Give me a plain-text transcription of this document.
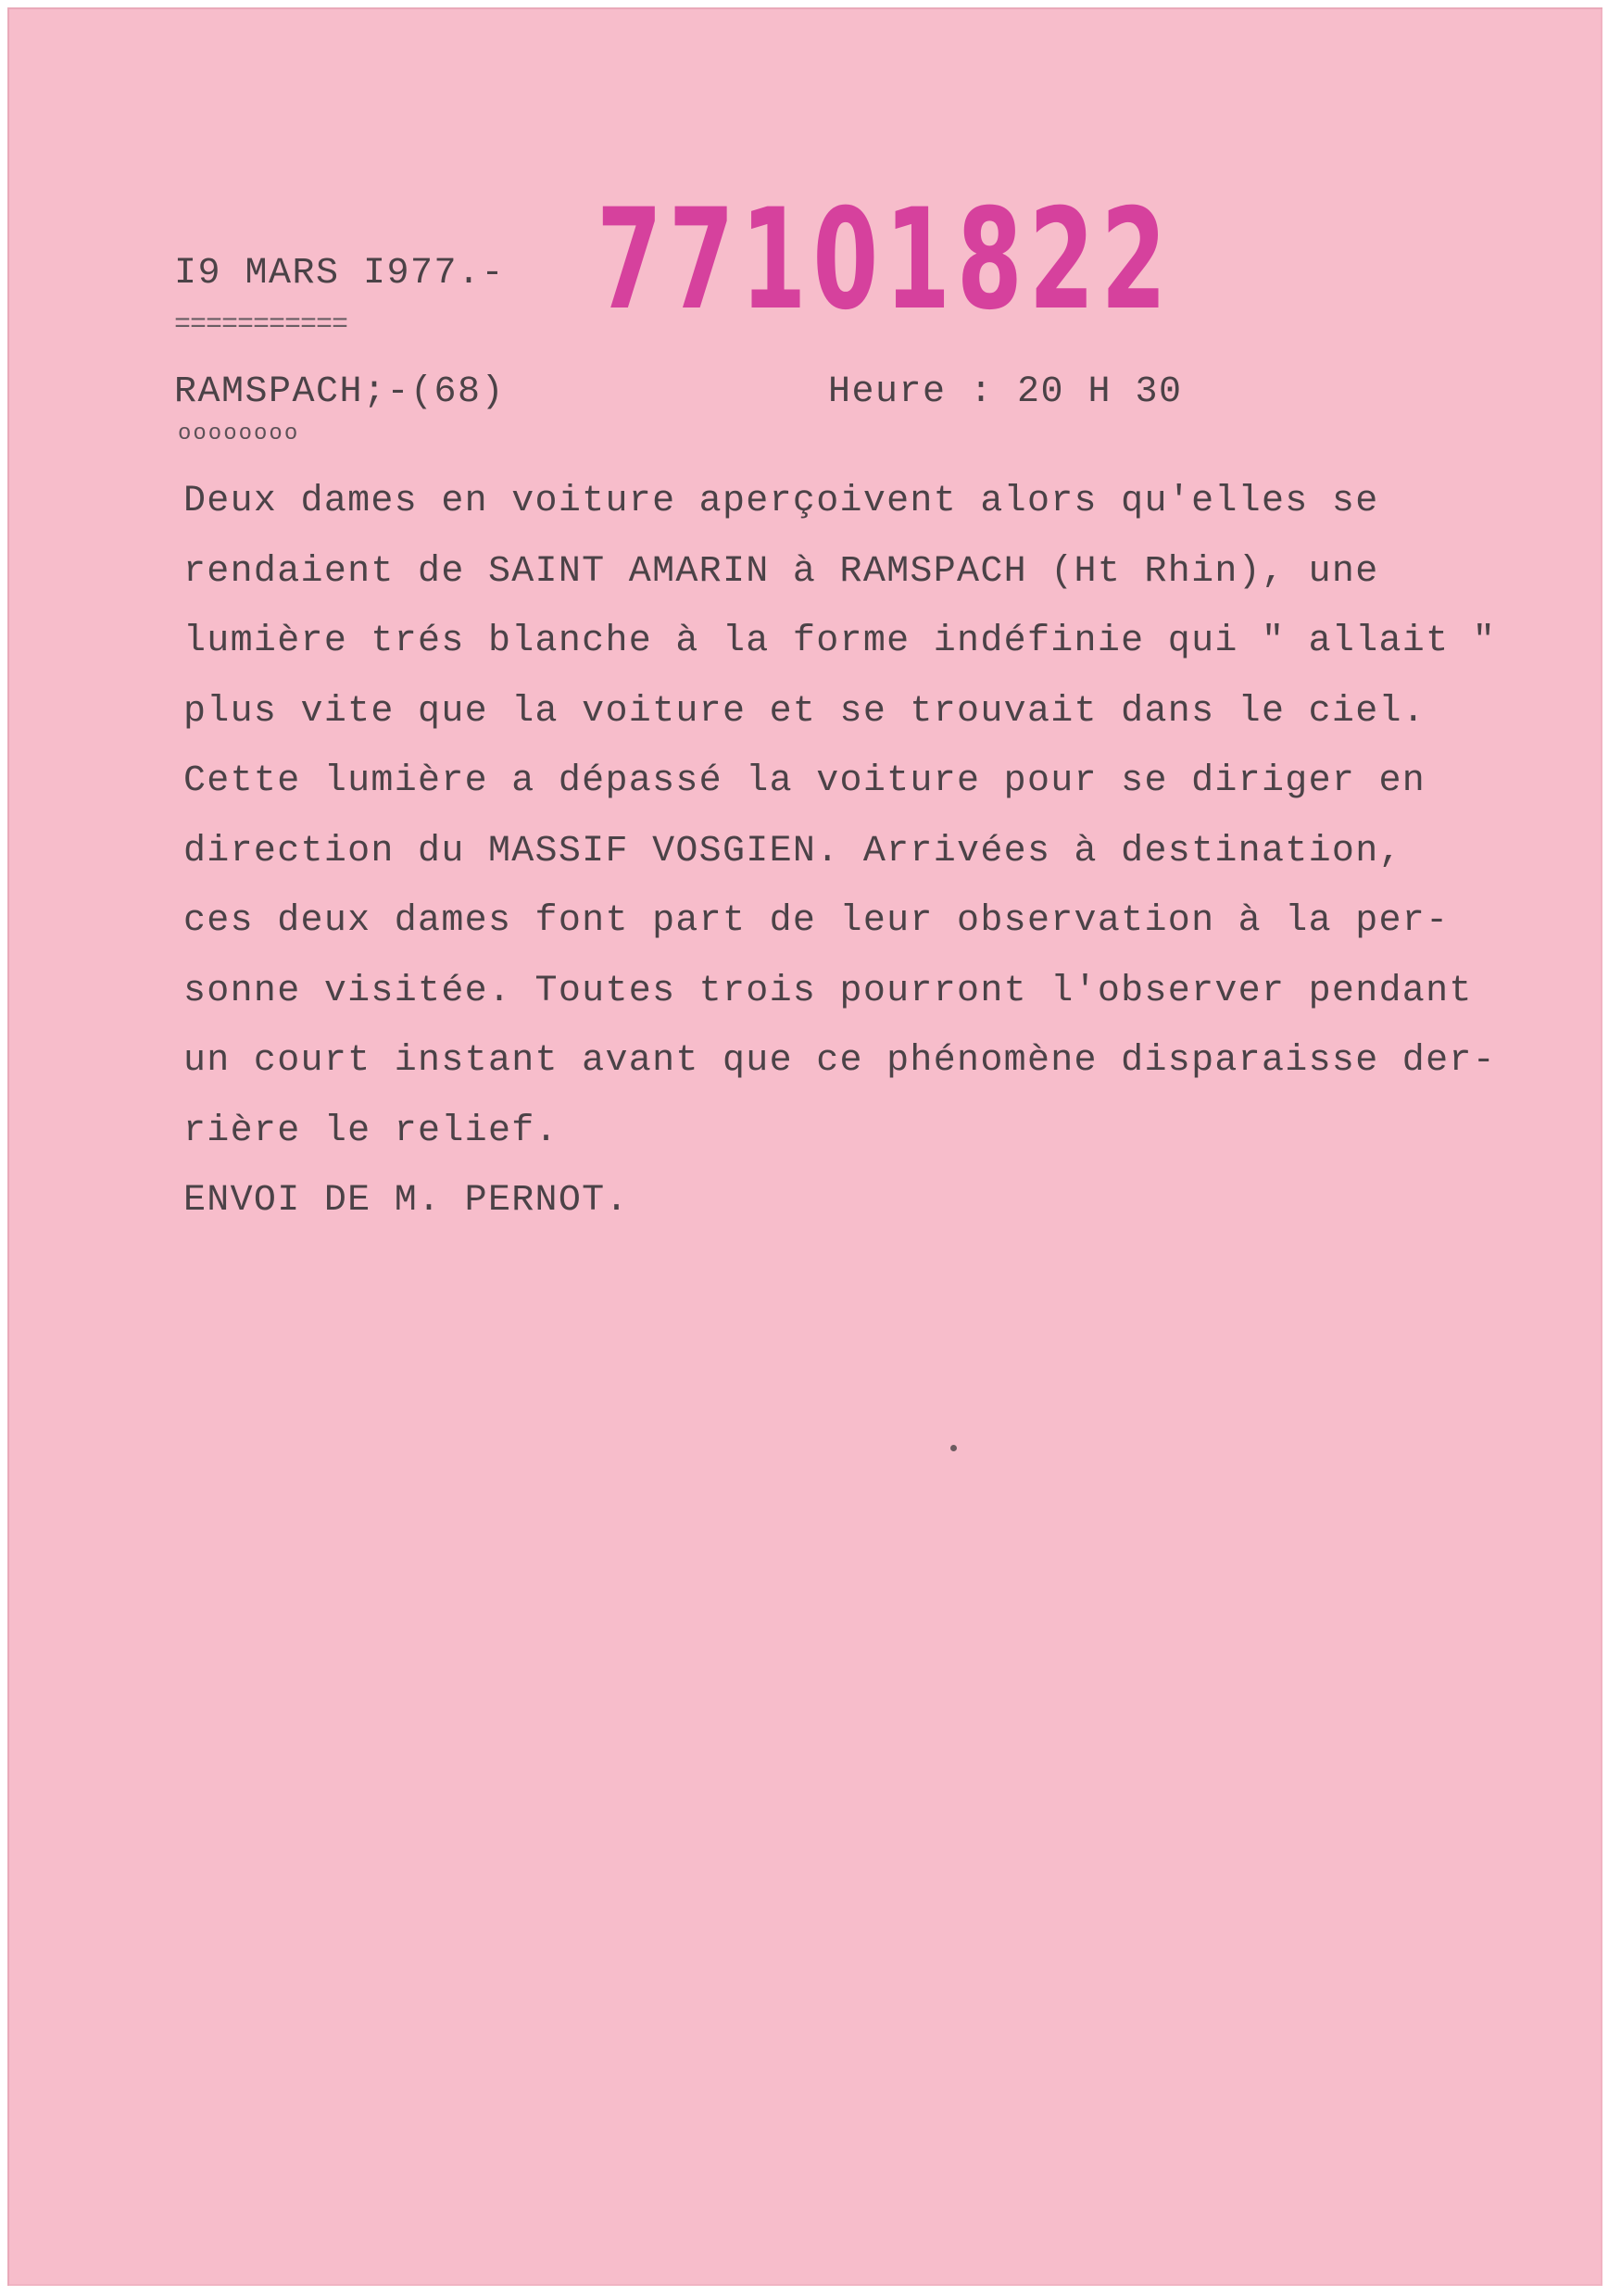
I9 MARS I977.-
=========== 77101822
RAMSPACH;-(68)
oooooooo
Heure : 20 H 30
Deux dames en voiture aperçoivent alors qu'elles se
rendaient de SAINT AMARIN à RAMSPACH (Ht Rhin), une
lumière trés blanche à la forme indéfinie qui " allait "
plus vite que la voiture et se trouvait dans le ciel.
Cette lumière a dépassé la voiture pour se diriger en
direction du MASSIF VOSGIEN. Arrivées à destination,
ces deux dames font part de leur observation à la per-
sonne visitée. Toutes trois pourront l'observer pendant
un court instant avant que ce phénomène disparaisse der-
rière le relief.
ENVOI DE M. PERNOT.
